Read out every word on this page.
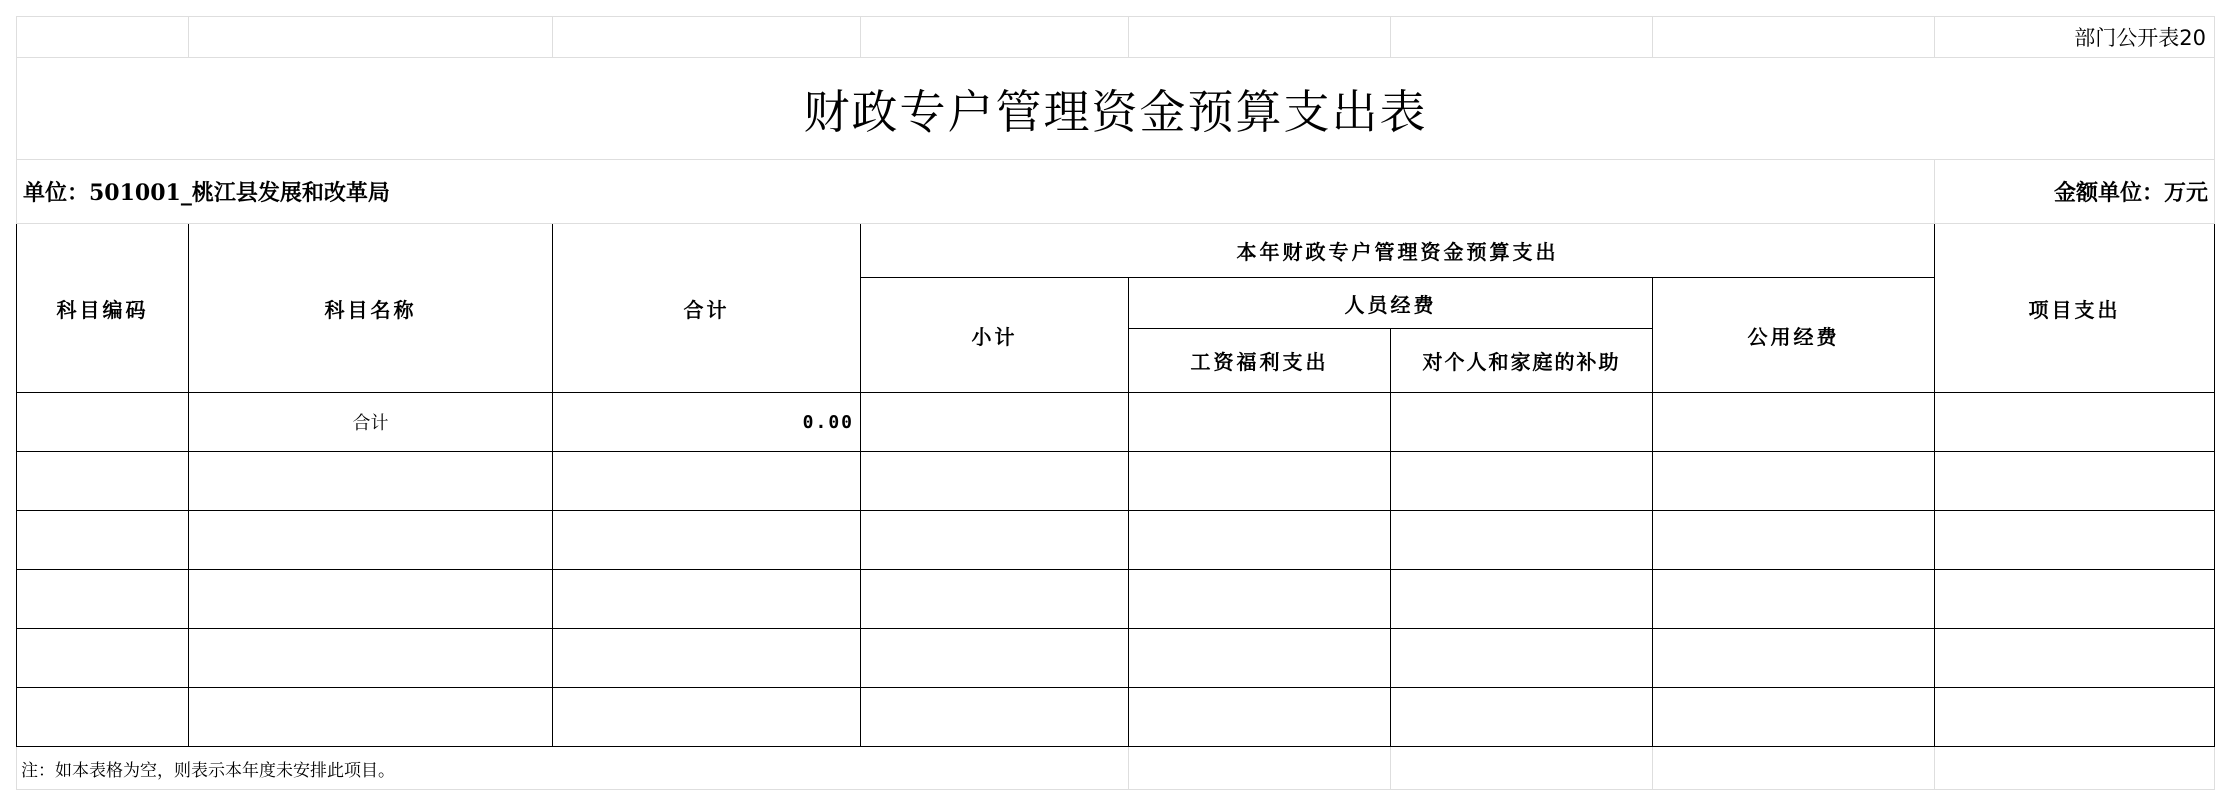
							部门公开表20
财政专户管理资金预算支出表							
单位：501001_桃江县发展和改革局							金额单位：万元
科目编码	科目名称	合计	本年财政专户管理资金预算支出				项目支出
			小计	人员经费		公用经费	
				工资福利支出	对个人和家庭的补助		
	合计	0.00					

注：如本表格为空，则表示本年度未安排此项目。							
